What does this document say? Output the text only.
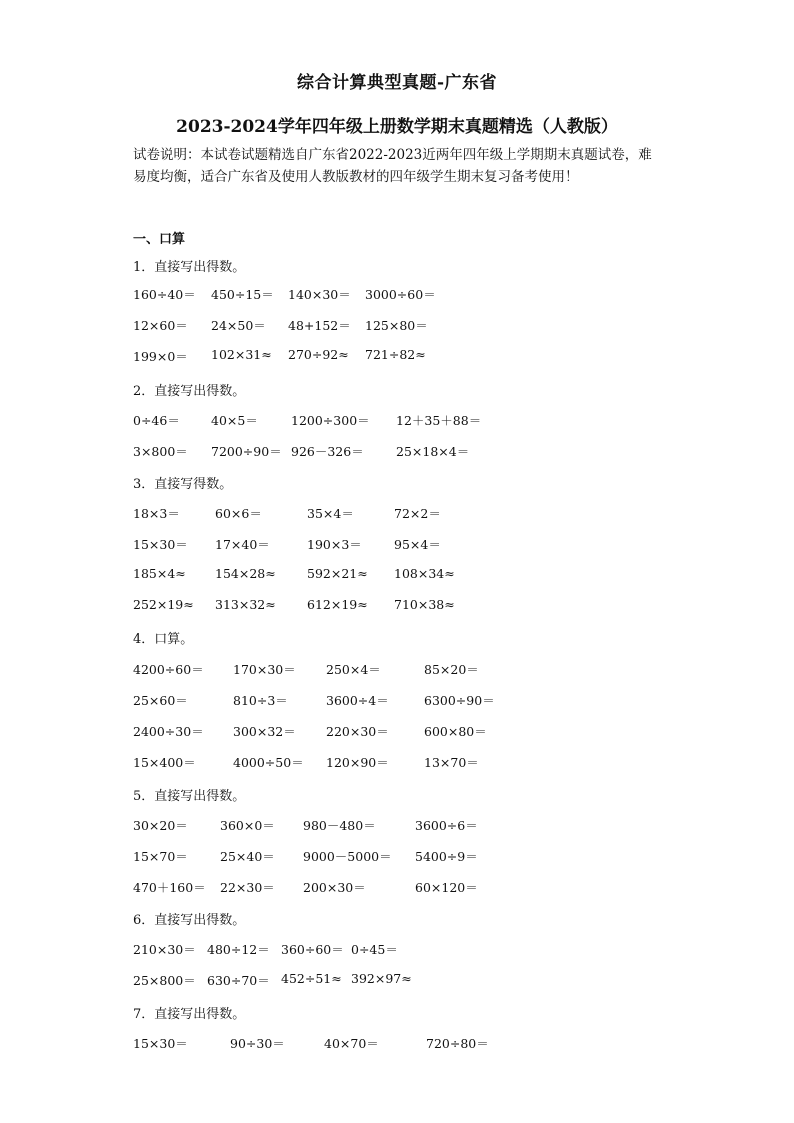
综合计算典型真题-广东省
2023-2024学年四年级上册数学期末真题精选（人教版）
试卷说明：本试卷试题精选自广东省2022-2023近两年四年级上学期期末真题试卷，难易度均衡，适合广东省及使用人教版教材的四年级学生期末复习备考使用！
一、口算
1．直接写出得数。
160÷40＝ 450÷15＝ 140×30＝ 3000÷60＝
12×60＝ 24×50＝ 48+152＝ 125×80＝
199×0＝ 102×31≈ 270÷92≈ 721÷82≈
2．直接写出得数。
0÷46＝ 40×5＝	1200÷300＝ 12＋35＋88＝
3×800＝ 7200÷90＝ 926－326＝	25×18×4＝
3．直接写得数。
18×3＝	60×6＝	35×4＝	72×2＝
15×30＝ 17×40＝	190×3＝	95×4＝
185×4≈ 154×28≈	592×21≈ 108×34≈
252×19≈ 313×32≈	612×19≈ 710×38≈
4．口算。
4200÷60＝ 170×30＝ 250×4＝	85×20＝
25×60＝	810÷3＝	3600÷4＝	6300÷90＝
2400÷30＝ 300×32＝ 220×30＝	600×80＝
15×400＝	4000÷50＝ 120×90＝	13×70＝
5．直接写出得数。
30×20＝	360×0＝ 980－480＝	3600÷6＝
15×70＝	25×40＝ 9000－5000＝ 5400÷9＝
470＋160＝ 22×30＝ 200×30＝	60×120＝
6．直接写出得数。
210×30＝ 480÷12＝ 360÷60＝ 0÷45＝
25×800＝ 630÷70＝ 452÷51≈ 392×97≈
7．直接写出得数。
15×30＝	90÷30＝	40×70＝	720÷80＝
